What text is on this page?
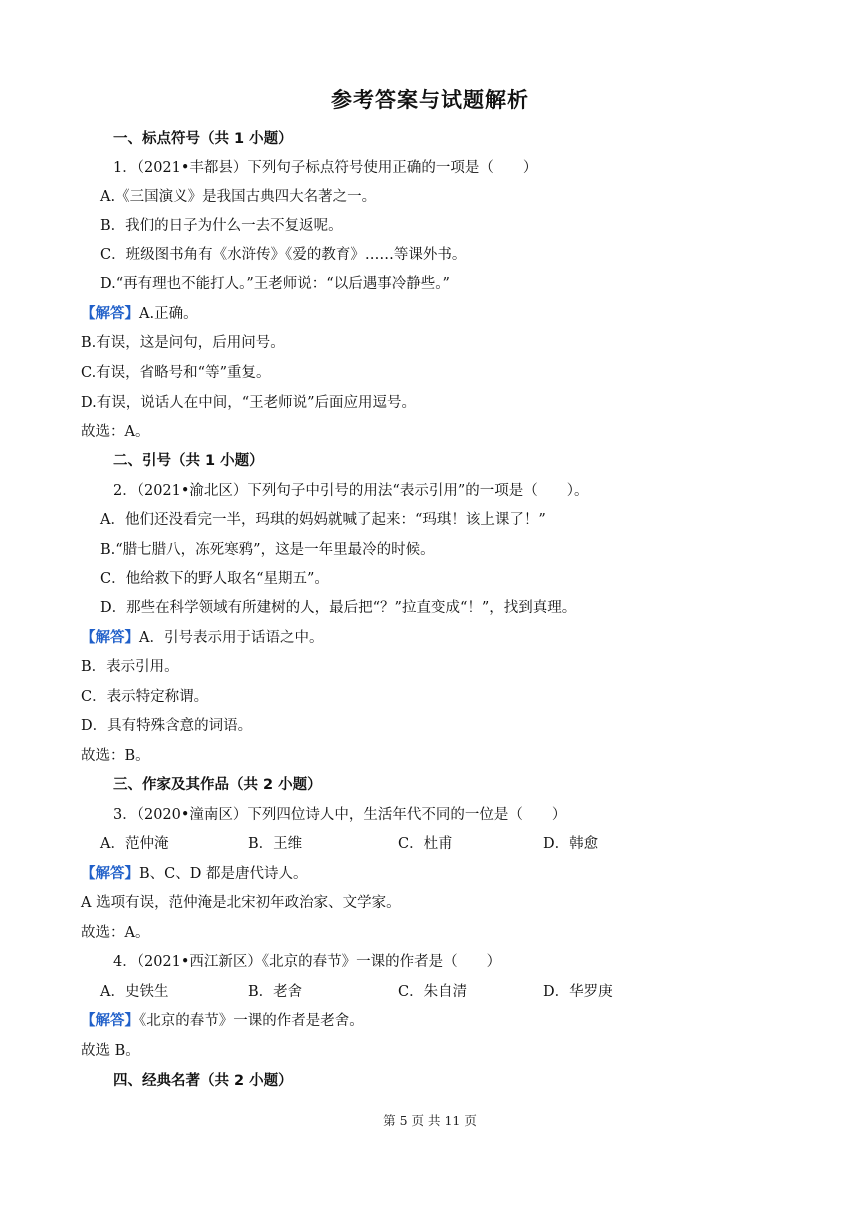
参考答案与试题解析
一、标点符号（共 1 小题）
1．（2021•丰都县）下列句子标点符号使用正确的一项是（　　）
A.《三国演义》是我国古典四大名著之一。
B．我们的日子为什么一去不复返呢。
C．班级图书角有《水浒传》《爱的教育》……等课外书。
D.“再有理也不能打人。”王老师说：“以后遇事冷静些。”
【解答】A.正确。
B.有误，这是问句，后用问号。
C.有误，省略号和“等”重复。
D.有误，说话人在中间，“王老师说”后面应用逗号。
故选：A。
二、引号（共 1 小题）
2．（2021•渝北区）下列句子中引号的用法“表示引用”的一项是（　　）。
A．他们还没看完一半，玛琪的妈妈就喊了起来：“玛琪！该上课了！”
B.“腊七腊八，冻死寒鸦”，这是一年里最冷的时候。
C．他给救下的野人取名“星期五”。
D．那些在科学领域有所建树的人，最后把“？”拉直变成“！”，找到真理。
【解答】A．引号表示用于话语之中。
B．表示引用。
C．表示特定称谓。
D．具有特殊含意的词语。
故选：B。
三、作家及其作品（共 2 小题）
3．（2020•潼南区）下列四位诗人中，生活年代不同的一位是（　　）
A．范仲淹	B．王维	C．杜甫	D．韩愈
【解答】B、C、D 都是唐代诗人。
A 选项有误，范仲淹是北宋初年政治家、文学家。
故选：A。
4．（2021•西江新区）《北京的春节》一课的作者是（　　）
A．史铁生	B．老舍	C．朱自清	D．华罗庚
【解答】《北京的春节》一课的作者是老舍。
故选 B。
四、经典名著（共 2 小题）
第 5 页 共 11 页
